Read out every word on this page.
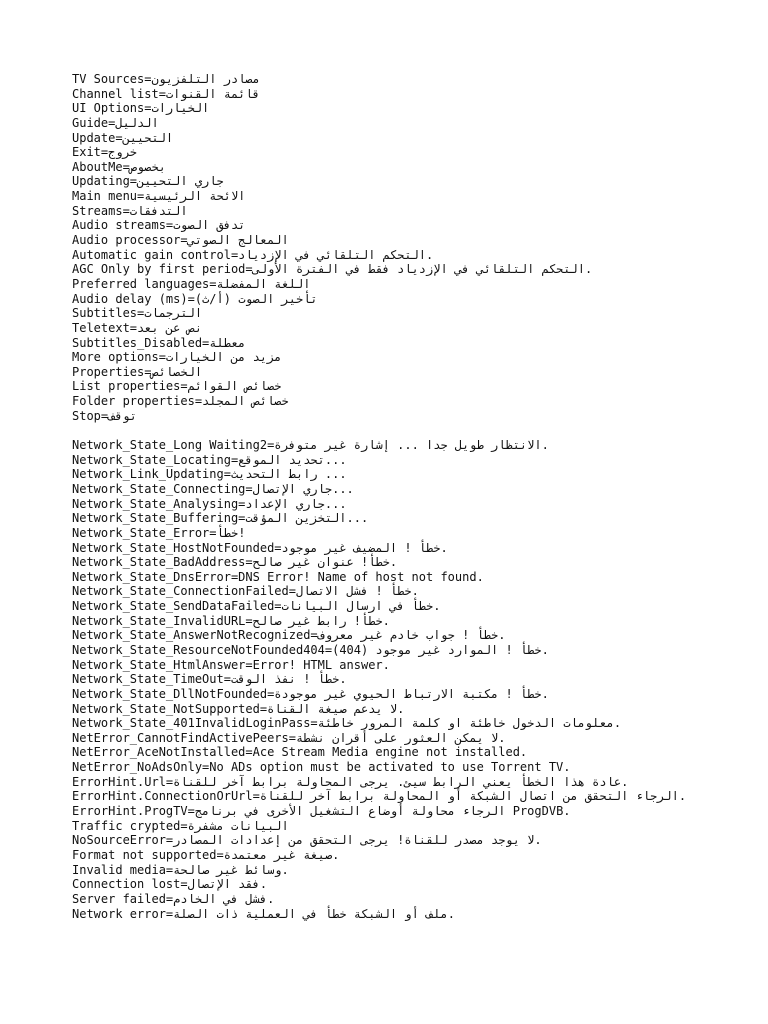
TV Sources=مصادر التلفزيون
Channel list=قائمة القنوات
UI Options=الخيارات
Guide=الدليل
Update=التحيين
Exit=خروج
AboutMe=بخصوص
Updating=جاري التحيين
Main menu=الائحة الرئيسية
Streams=التدفقات
Audio streams=تدفق الصوت
Audio processor=المعالج الصوتي
Automatic gain control=التحكم التلقائي في الإزدياد.
AGC Only by first period=التحكم التلقائي في الإزدياد فقط في الفترة الأولى.
Preferred languages=اللغة المفضلة
Audio delay (ms)=(أ/ث) تأخير الصوت
Subtitles=الترجمات
Teletext=نص عن بعد
Subtitles_Disabled=معطلة
More options=مزيد من الخيارات
Properties=الخصائص
List properties=خصائص القوائم
Folder properties=خصائص المجلد
Stop=توقف
Network_State_Long Waiting2=الانتظار طويل جدا ... إشارة غير متوفرة.
Network_State_Locating=تحديد الموقع...
Network_Link_Updating=رابط التحديث ...
Network_State_Connecting=جاري الإتصال...
Network_State_Analysing=جاري الإعداد...
Network_State_Buffering=التخزين المؤقت...
Network_State_Error=خطأ!
Network_State_HostNotFounded=خطأ ! المضيف غير موجود.
Network_State_BadAddress=خطأ! عنوان غير صالح.
Network_State_DnsError=DNS Error! Name of host not found.
Network_State_ConnectionFailed=خطأ ! فشل الاتصال.
Network_State_SendDataFailed=خطأ في ارسال البيانات.
Network_State_InvalidURL=خطأ! رابط غير صالح.
Network_State_AnswerNotRecognized=خطأ ! جواب خادم غير معروف.
Network_State_ResourceNotFounded404=خطأ ! الموارد غير موجود (404).
Network_State_HtmlAnswer=Error! HTML answer.
Network_State_TimeOut=خطأ ! نفذ الوقت.
Network_State_DllNotFounded=خطأ ! مكتبة الارتباط الحيوي غير موجودة.
Network_State_NotSupported=لا يدعم صيغة القناة.
Network_State_401InvalidLoginPass=معلومات الدخول خاطئة او كلمة المرور خاطئة.
NetError_CannotFindActivePeers=لا يمكن العثور على أقران نشطة.
NetError_AceNotInstalled=Ace Stream Media engine not installed.
NetError_NoAdsOnly=No ADs option must be activated to use Torrent TV.
ErrorHint.Url=عادة هذا الخطأ يعني الرابط سيئ. يرجى المحاولة برابط آخر للقناة.
ErrorHint.ConnectionOrUrl=الرجاء التحقق من اتصال الشبكة أو المحاولة برابط آخر للقناة.
ErrorHint.ProgTV=الرجاء محاولة أوضاع التشغيل الأخرى في برنامج ProgDVB.
Traffic crypted=البيانات مشفرة
NoSourceError=لا يوجد مصدر للقناة! يرجى التحقق من إعدادات المصادر.
Format not supported=صيغة غير معتمدة.
Invalid media=وسائط غير صالحة.
Connection lost=فقد الإتصال.
Server failed=فشل في الخادم.
Network error=ملف أو الشبكة خطأ في العملية ذات الصلة.
